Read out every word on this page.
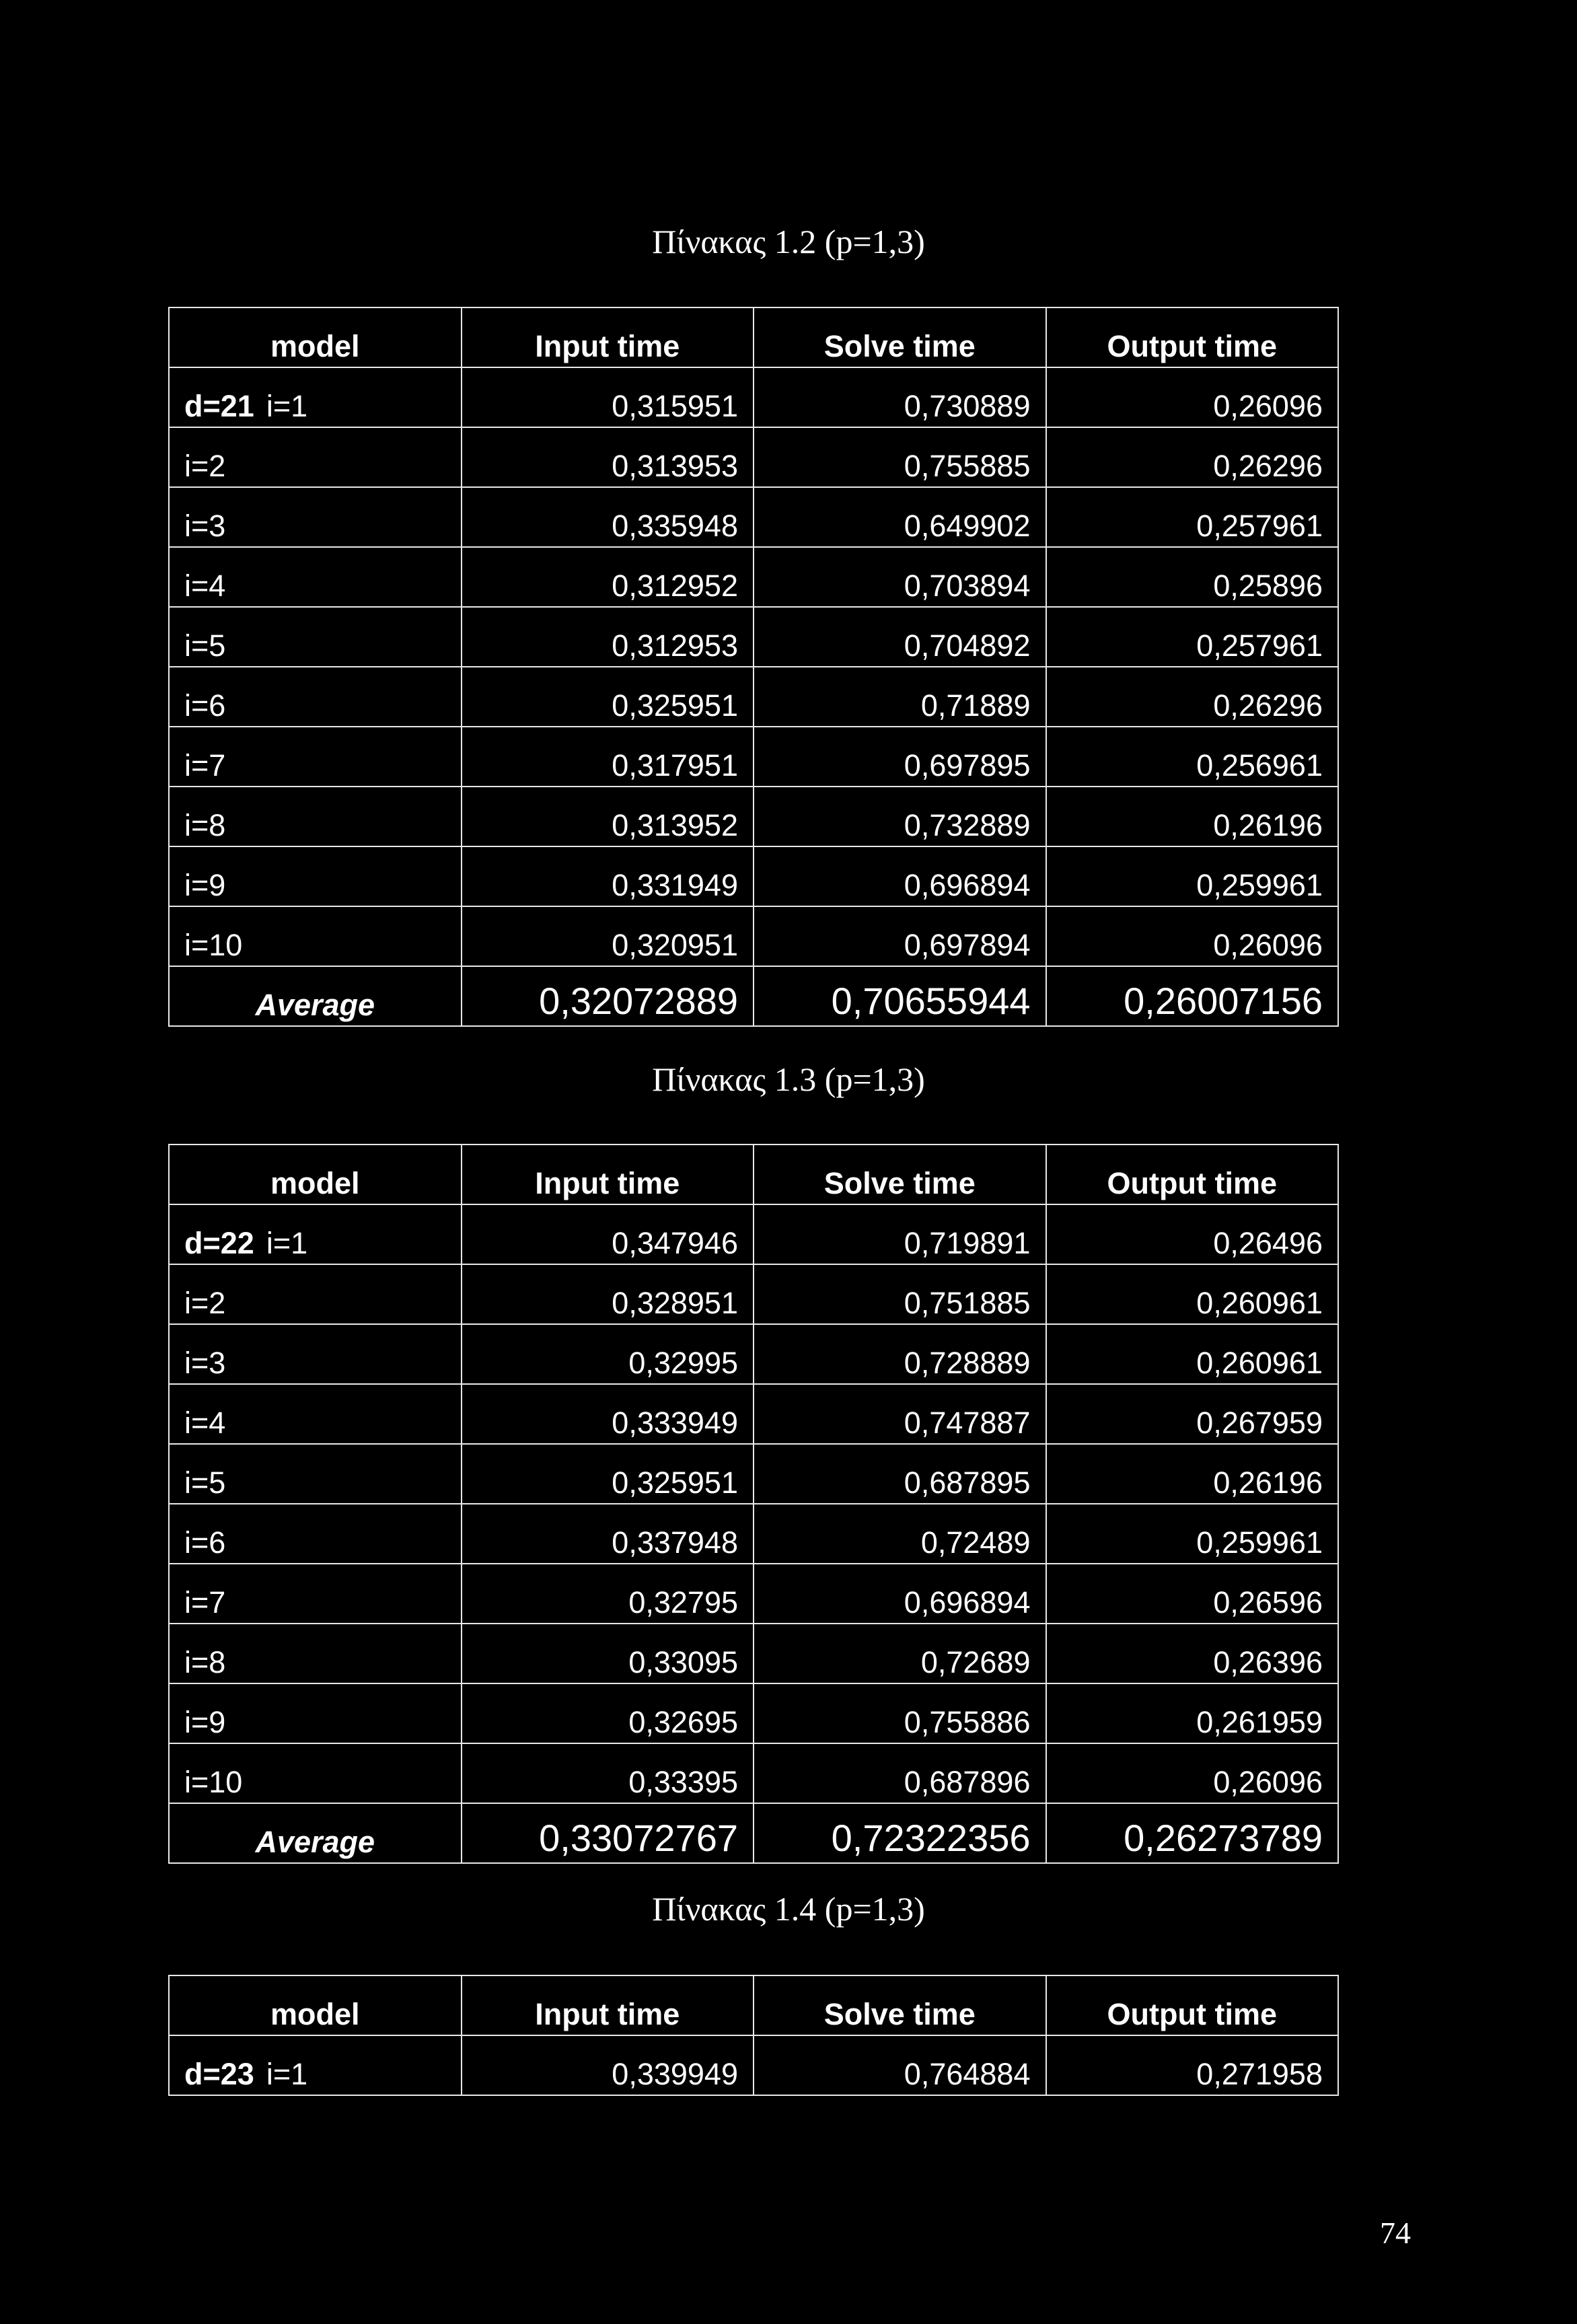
Πίνακας 1.2 (p=1,3)
model	Input time	Solve time	Output time
d=21 i=1	0,315951	0,730889	0,26096
i=2	0,313953	0,755885	0,26296
i=3	0,335948	0,649902	0,257961
i=4	0,312952	0,703894	0,25896
i=5	0,312953	0,704892	0,257961
i=6	0,325951	0,71889	0,26296
i=7	0,317951	0,697895	0,256961
i=8	0,313952	0,732889	0,26196
i=9	0,331949	0,696894	0,259961
i=10	0,320951	0,697894	0,26096
Average	0,32072889	0,70655944	0,26007156
Πίνακας 1.3 (p=1,3)
model	Input time	Solve time	Output time
d=22 i=1	0,347946	0,719891	0,26496
i=2	0,328951	0,751885	0,260961
i=3	0,32995	0,728889	0,260961
i=4	0,333949	0,747887	0,267959
i=5	0,325951	0,687895	0,26196
i=6	0,337948	0,72489	0,259961
i=7	0,32795	0,696894	0,26596
i=8	0,33095	0,72689	0,26396
i=9	0,32695	0,755886	0,261959
i=10	0,33395	0,687896	0,26096
Average	0,33072767	0,72322356	0,26273789
Πίνακας 1.4 (p=1,3)
model	Input time	Solve time	Output time
d=23 i=1	0,339949	0,764884	0,271958
74
